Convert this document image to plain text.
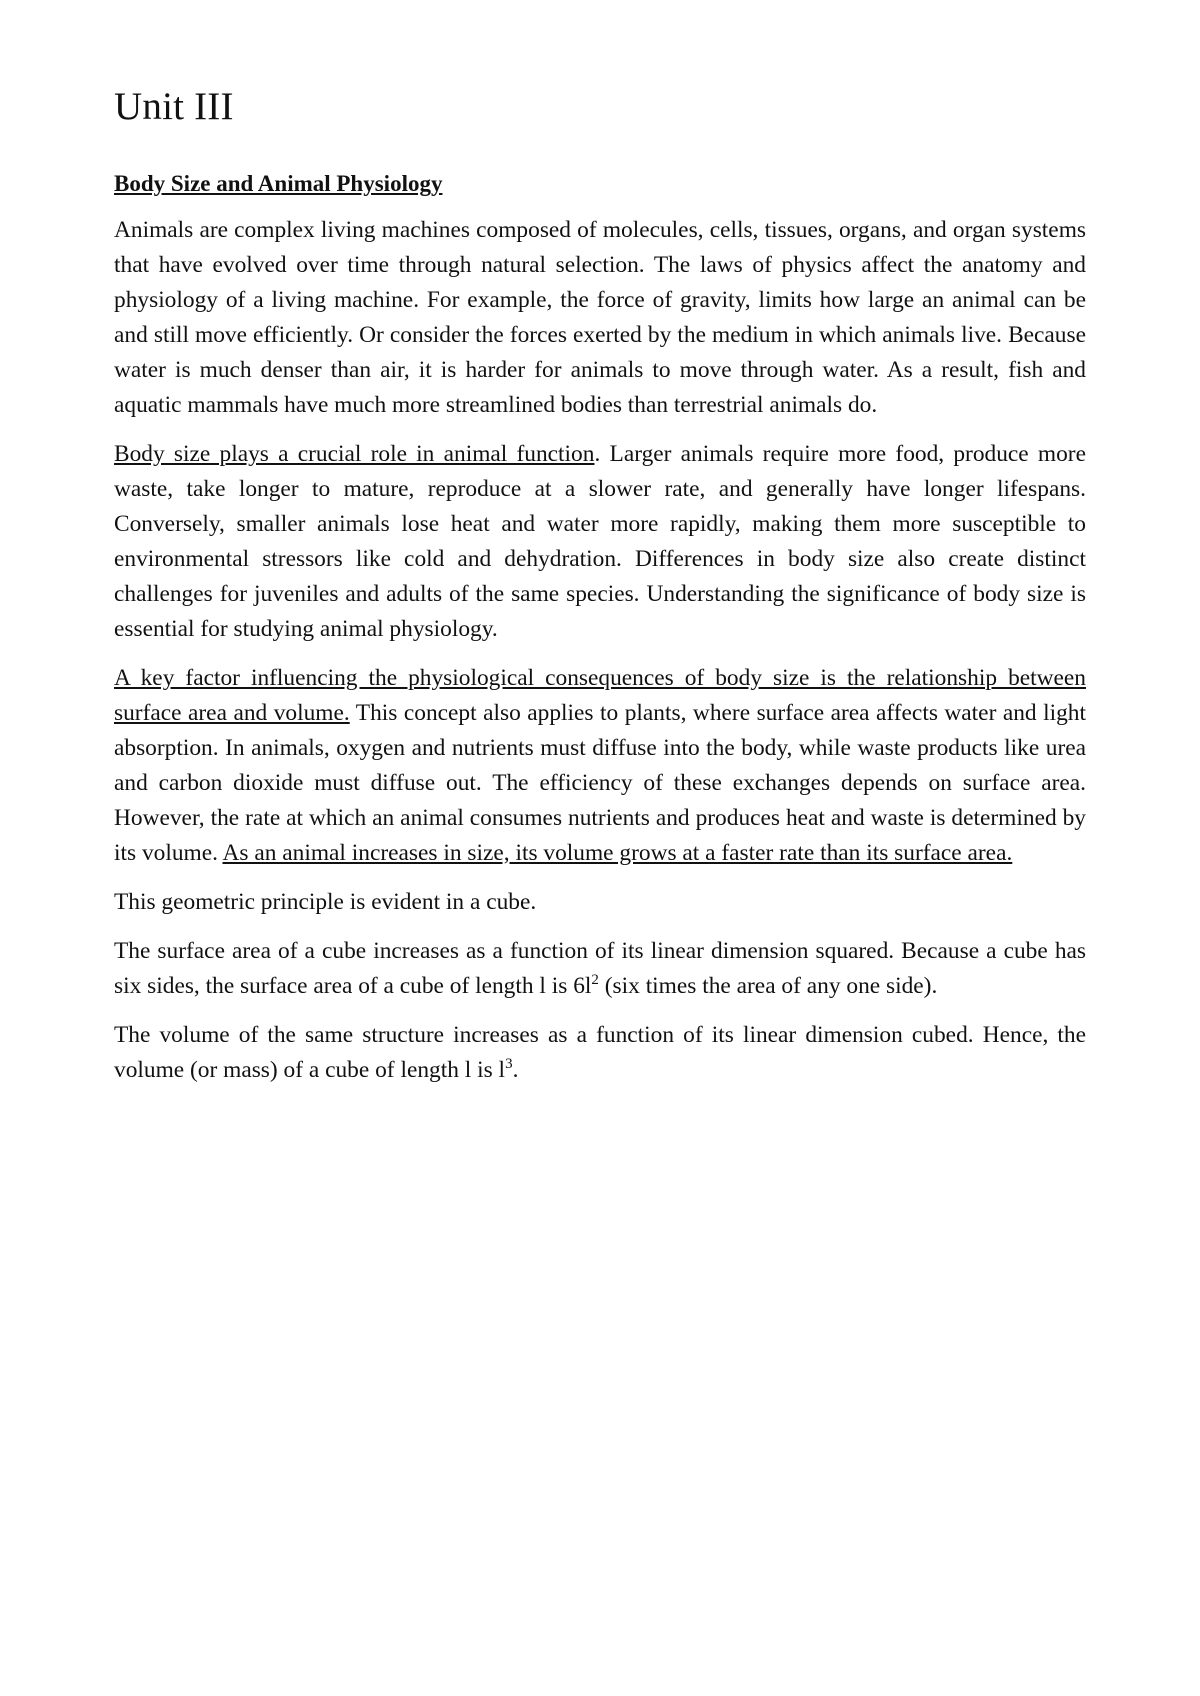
Unit III
Body Size and Animal Physiology

Animals are complex living machines composed of molecules, cells, tissues, organs, and organ systems that have evolved over time through natural selection. The laws of physics affect the anatomy and physiology of a living machine. For example, the force of gravity, limits how large an animal can be and still move efficiently. Or consider the forces exerted by the medium in which animals live. Because water is much denser than air, it is harder for animals to move through water. As a result, fish and aquatic mammals have much more streamlined bodies than terrestrial animals do.

Body size plays a crucial role in animal function. Larger animals require more food, produce more waste, take longer to mature, reproduce at a slower rate, and generally have longer lifespans. Conversely, smaller animals lose heat and water more rapidly, making them more susceptible to environmental stressors like cold and dehydration. Differences in body size also create distinct challenges for juveniles and adults of the same species. Understanding the significance of body size is essential for studying animal physiology.

A key factor influencing the physiological consequences of body size is the relationship between surface area and volume. This concept also applies to plants, where surface area affects water and light absorption. In animals, oxygen and nutrients must diffuse into the body, while waste products like urea and carbon dioxide must diffuse out. The efficiency of these exchanges depends on surface area. However, the rate at which an animal consumes nutrients and produces heat and waste is determined by its volume. As an animal increases in size, its volume grows at a faster rate than its surface area.

This geometric principle is evident in a cube.

The surface area of a cube increases as a function of its linear dimension squared. Because a cube has six sides, the surface area of a cube of length l is $6l^2$ (six times the area of any one side).

The volume of the same structure increases as a function of its linear dimension cubed. Hence, the volume (or mass) of a cube of length l is $l^3$.
